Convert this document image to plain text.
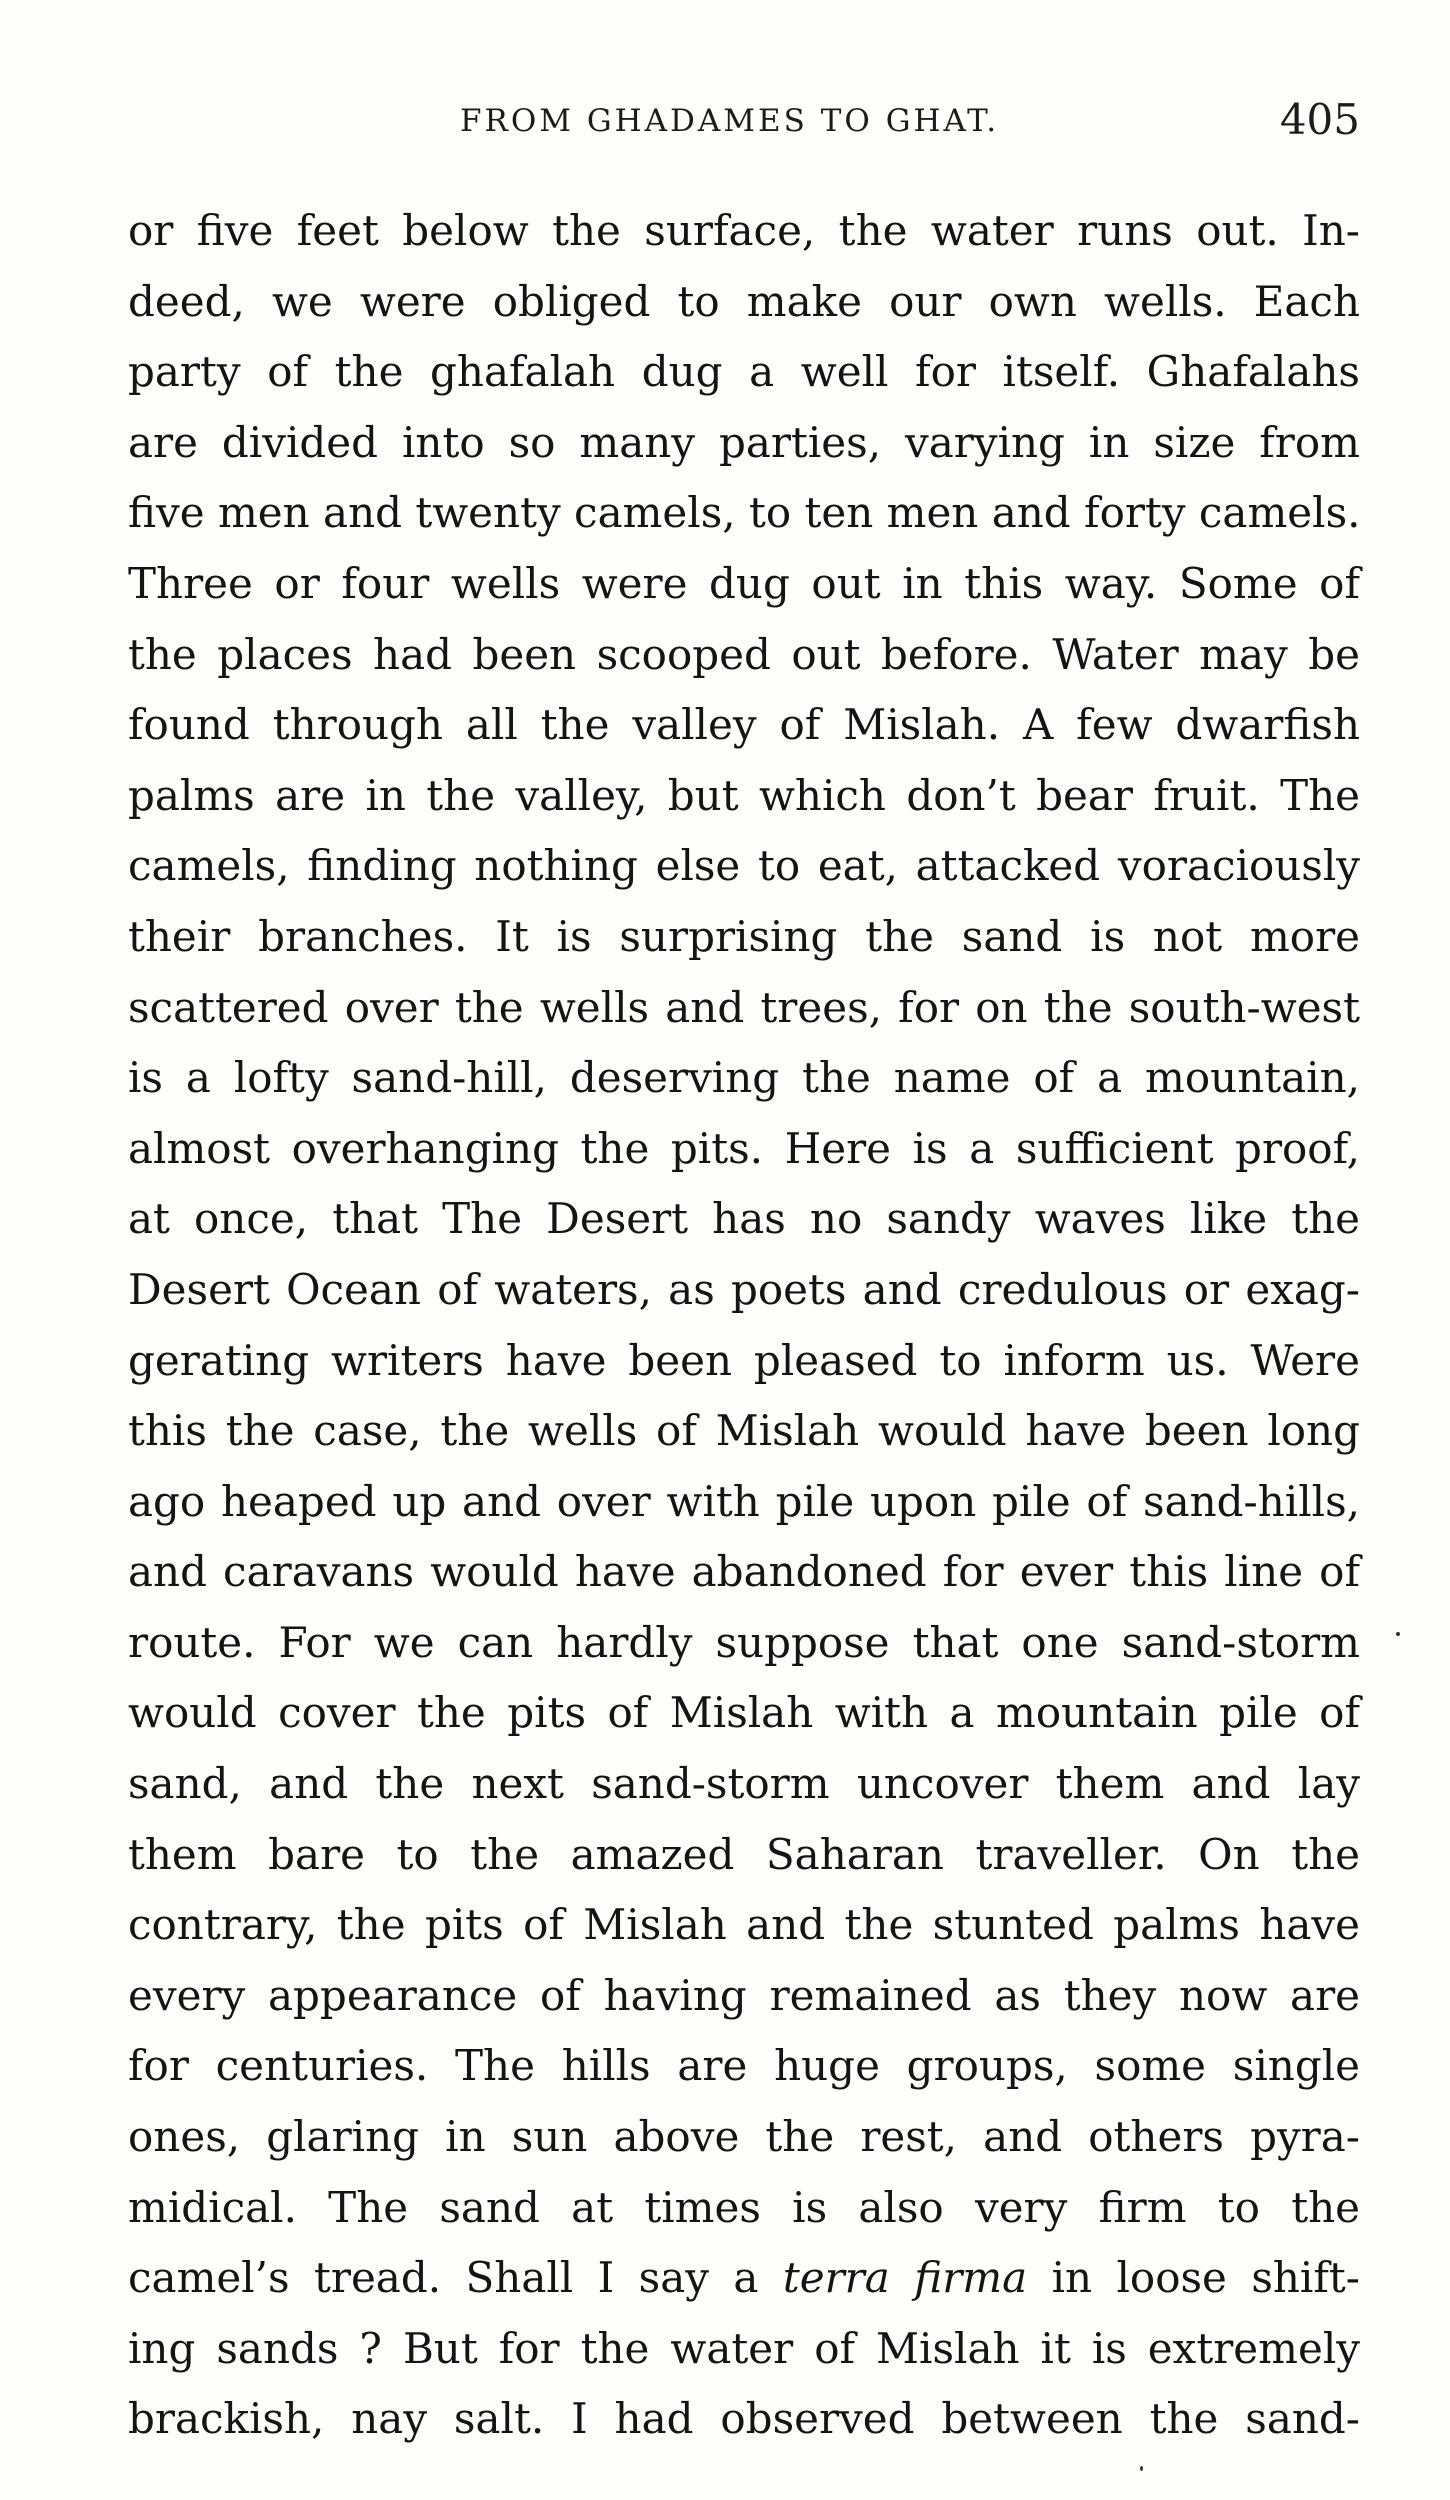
FROM GHADAMES TO GHAT.	405
or five feet below the surface, the water runs out. In-
deed, we were obliged to make our own wells. Each
party of the ghafalah dug a well for itself. Ghafalahs
are divided into so many parties, varying in size from
five men and twenty camels, to ten men and forty camels.
Three or four wells were dug out in this way. Some of
the places had been scooped out before. Water may be
found through all the valley of Mislah. A few dwarfish
palms are in the valley, but which don’t bear fruit. The
camels, finding nothing else to eat, attacked voraciously
their branches. It is surprising the sand is not more
scattered over the wells and trees, for on the south-west
is a lofty sand-hill, deserving the name of a mountain,
almost overhanging the pits. Here is a sufficient proof,
at once, that The Desert has no sandy waves like the
Desert Ocean of waters, as poets and credulous or exag-
gerating writers have been pleased to inform us. Were
this the case, the wells of Mislah would have been long
ago heaped up and over with pile upon pile of sand-hills,
and caravans would have abandoned for ever this line of
route. For we can hardly suppose that one sand-storm
would cover the pits of Mislah with a mountain pile of
sand, and the next sand-storm uncover them and lay
them bare to the amazed Saharan traveller. On the
contrary, the pits of Mislah and the stunted palms have
every appearance of having remained as they now are
for centuries. The hills are huge groups, some single
ones, glaring in sun above the rest, and others pyra-
midical. The sand at times is also very firm to the
camel’s tread. Shall I say a terra firma in loose shift-
ing sands ? But for the water of Mislah it is extremely
brackish, nay salt. I had observed between the sand-
